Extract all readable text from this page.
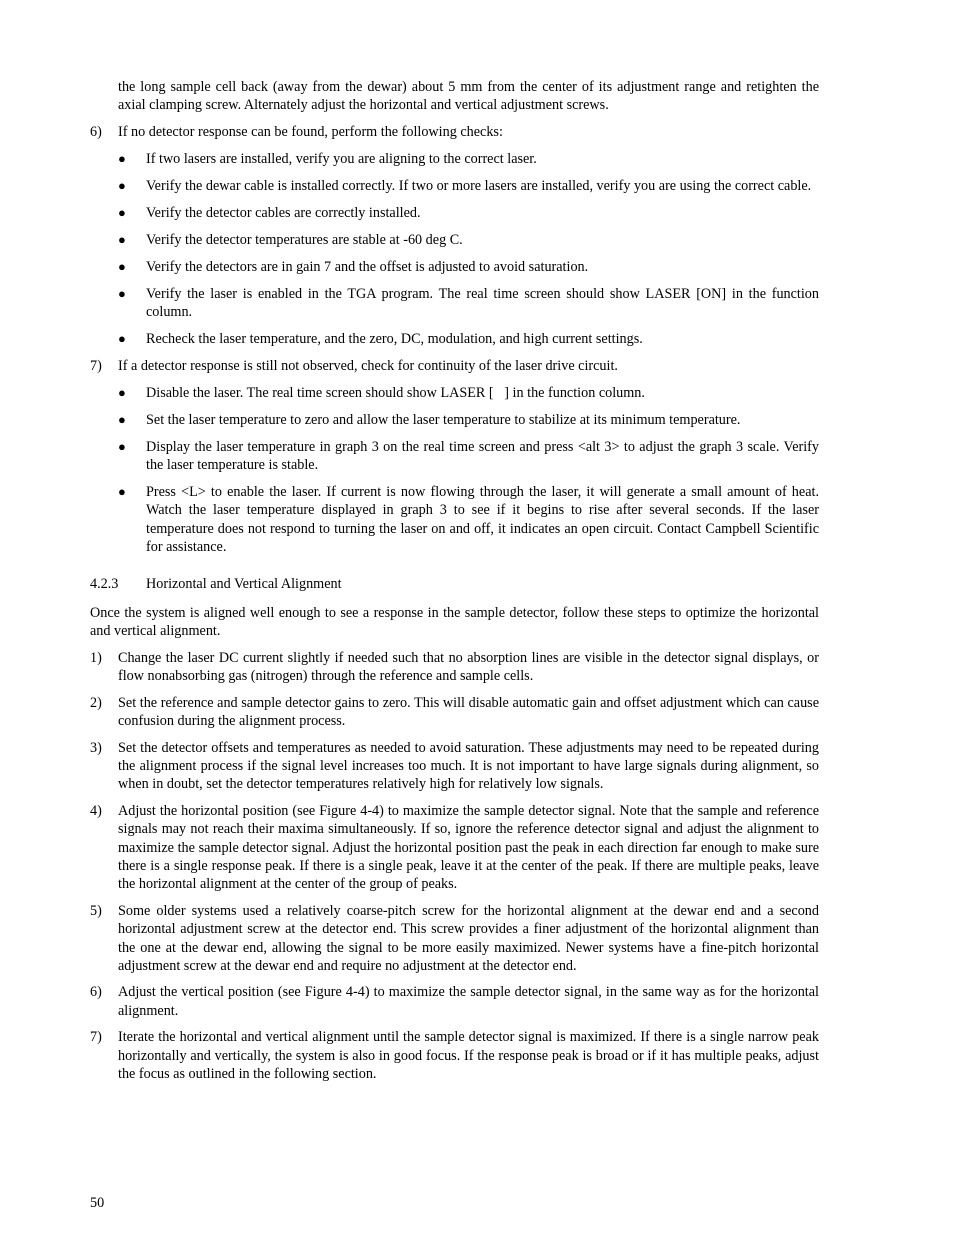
the long sample cell back (away from the dewar) about 5 mm from the center of its adjustment range and retighten the axial clamping screw. Alternately adjust the horizontal and vertical adjustment screws.

6)	If no detector response can be found, perform the following checks:
●	If two lasers are installed, verify you are aligning to the correct laser.
●	Verify the dewar cable is installed correctly. If two or more lasers are installed, verify you are using the correct cable.
●	Verify the detector cables are correctly installed.
●	Verify the detector temperatures are stable at -60 deg C.
●	Verify the detectors are in gain 7 and the offset is adjusted to avoid saturation.
●	Verify the laser is enabled in the TGA program. The real time screen should show LASER [ON] in the function column.
●	Recheck the laser temperature, and the zero, DC, modulation, and high current settings.
7)	If a detector response is still not observed, check for continuity of the laser drive circuit.
●	Disable the laser. The real time screen should show LASER [   ] in the function column.
●	Set the laser temperature to zero and allow the laser temperature to stabilize at its minimum temperature.
●	Display the laser temperature in graph 3 on the real time screen and press <alt 3> to adjust the graph 3 scale. Verify the laser temperature is stable.
●	Press <L> to enable the laser. If current is now flowing through the laser, it will generate a small amount of heat. Watch the laser temperature displayed in graph 3 to see if it begins to rise after several seconds. If the laser temperature does not respond to turning the laser on and off, it indicates an open circuit. Contact Campbell Scientific for assistance.
4.2.3	Horizontal and Vertical Alignment

Once the system is aligned well enough to see a response in the sample detector, follow these steps to optimize the horizontal and vertical alignment.

1)	Change the laser DC current slightly if needed such that no absorption lines are visible in the detector signal displays, or flow nonabsorbing gas (nitrogen) through the reference and sample cells.
2)	Set the reference and sample detector gains to zero. This will disable automatic gain and offset adjustment which can cause confusion during the alignment process.
3)	Set the detector offsets and temperatures as needed to avoid saturation. These adjustments may need to be repeated during the alignment process if the signal level increases too much. It is not important to have large signals during alignment, so when in doubt, set the detector temperatures relatively high for relatively low signals.
4)	Adjust the horizontal position (see Figure 4-4) to maximize the sample detector signal. Note that the sample and reference signals may not reach their maxima simultaneously. If so, ignore the reference detector signal and adjust the alignment to maximize the sample detector signal. Adjust the horizontal position past the peak in each direction far enough to make sure there is a single response peak. If there is a single peak, leave it at the center of the peak. If there are multiple peaks, leave the horizontal alignment at the center of the group of peaks.
5)	Some older systems used a relatively coarse-pitch screw for the horizontal alignment at the dewar end and a second horizontal adjustment screw at the detector end. This screw provides a finer adjustment of the horizontal alignment than the one at the dewar end, allowing the signal to be more easily maximized. Newer systems have a fine-pitch horizontal adjustment screw at the dewar end and require no adjustment at the detector end.
6)	Adjust the vertical position (see Figure 4-4) to maximize the sample detector signal, in the same way as for the horizontal alignment.
7)	Iterate the horizontal and vertical alignment until the sample detector signal is maximized. If there is a single narrow peak horizontally and vertically, the system is also in good focus. If the response peak is broad or if it has multiple peaks, adjust the focus as outlined in the following section.
50
